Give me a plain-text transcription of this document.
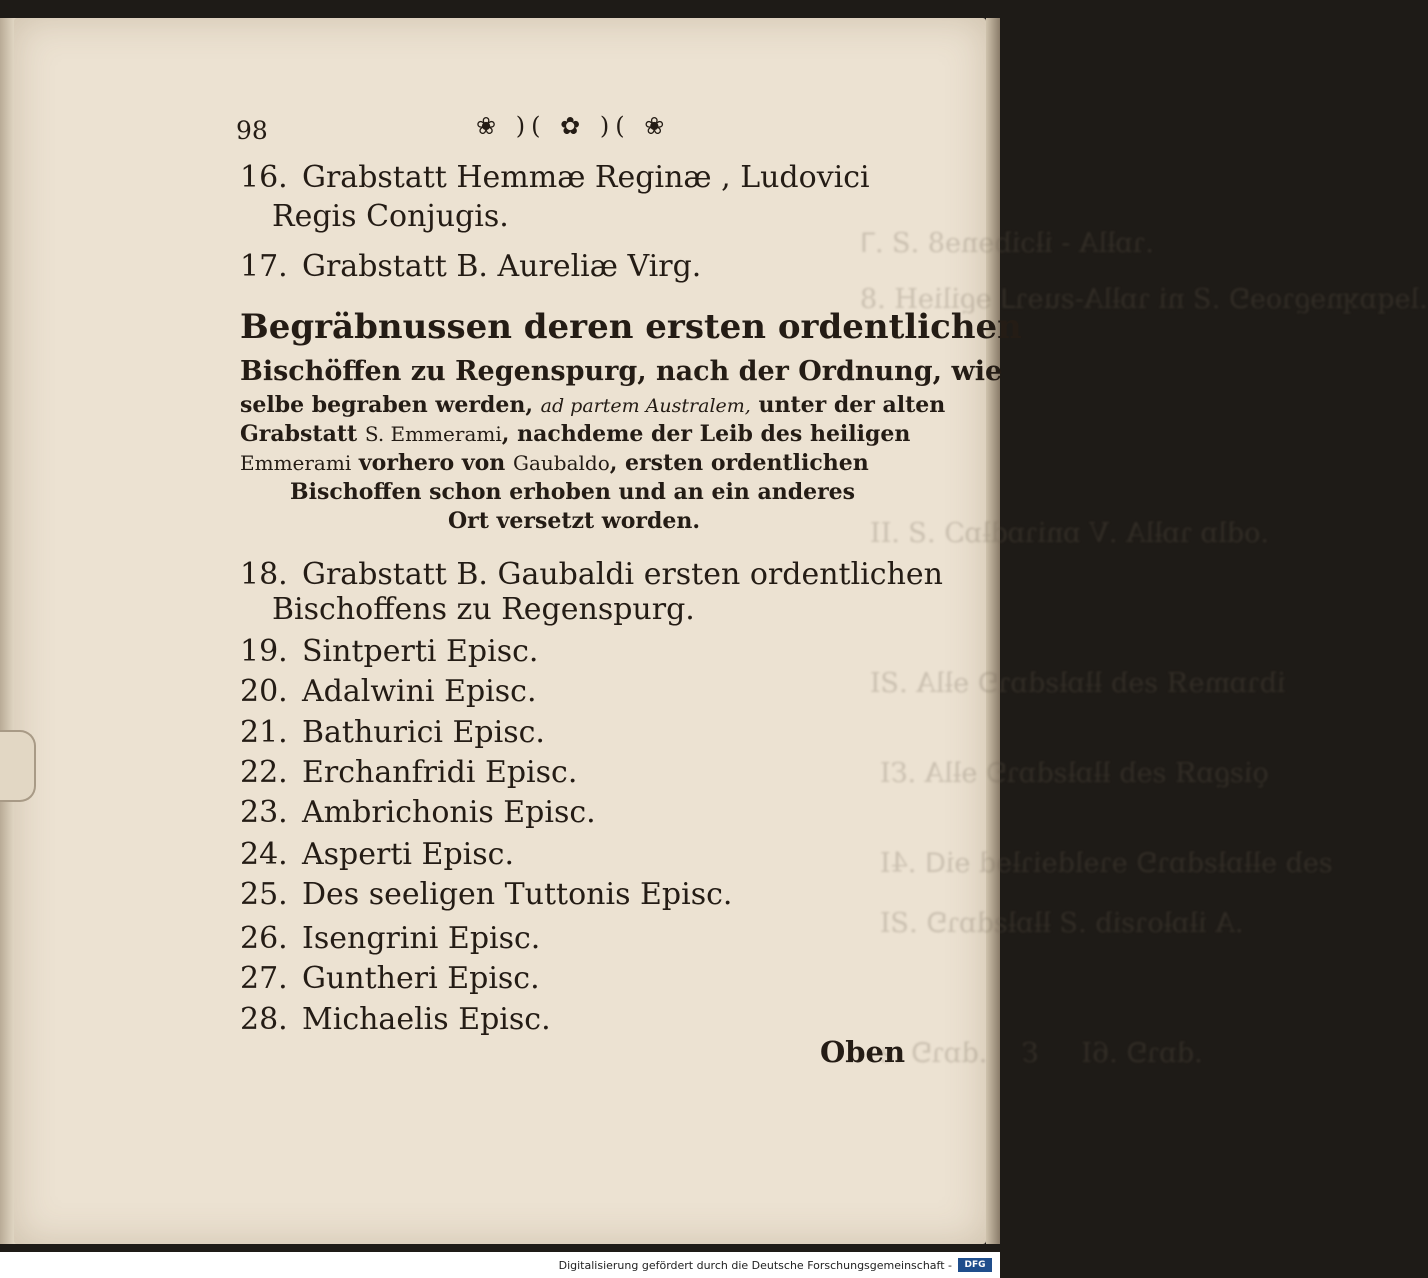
.ɿɒƚlA - iƚɔibɘnɘ8 .Ƨ .ꓶ
.lɘqɒʞnɘϱɿoɘ⅁ .Ƨ ni ɿɒƚlA-ꙅuɘɿ⅃ ɘϱiliɘH .8
.odlɒ ɿɒƚlA .V ɒniɿɒdƚɒƆ .Ƨ .II
ibɿɒmɘЯ ƨɘb ƚƚɒƚƨdɒɿ⅁ ɘƚlA .ꙄI
ǫiƨϱɒЯ ƨɘb ƚƚɒƚƨdɒɿ⅁ ɘƚlA .ƐI
ƨɘb ɘƚƚɒƚƨdɒɿ⅁ ɘɿɘldɘiɿƚɘd ɘiᗡ .4I
.A iƚɒƚoɿƨib .Ƨ ƚƚɒƚƨdɒɿ⅁ .ƧI
.dɒɿ⅁ .6I     Ɛ    .dɒɿ⅁ .ƨ
98	❀ )( ✿ )( ❀
16. Grabstatt Hemmæ Reginæ , Ludovici
Regis Conjugis.
17. Grabstatt B. Aureliæ Virg.
Begräbnussen deren ersten ordentlichen
Bischöffen zu Regenspurg, nach der Ordnung, wie
selbe begraben werden, ad partem Australem, unter der alten
Grabstatt S. Emmerami, nachdeme der Leib des heiligen
Emmerami vorhero von Gaubaldo, ersten ordentlichen
Bischoffen schon erhoben und an ein anderes
Ort versetzt worden.
18. Grabstatt B. Gaubaldi ersten ordentlichen
Bischoffens zu Regenspurg.
19. Sintperti Episc.
20. Adalwini Episc.
21. Bathurici Episc.
22. Erchanfridi Episc.
23. Ambrichonis Episc.
24. Asperti Episc.
25. Des seeligen Tuttonis Episc.
26. Isengrini Episc.
27. Guntheri Episc.
28. Michaelis Episc.
Oben
Digitalisierung gefördert durch die Deutsche Forschungsgemeinschaft -	DFG
